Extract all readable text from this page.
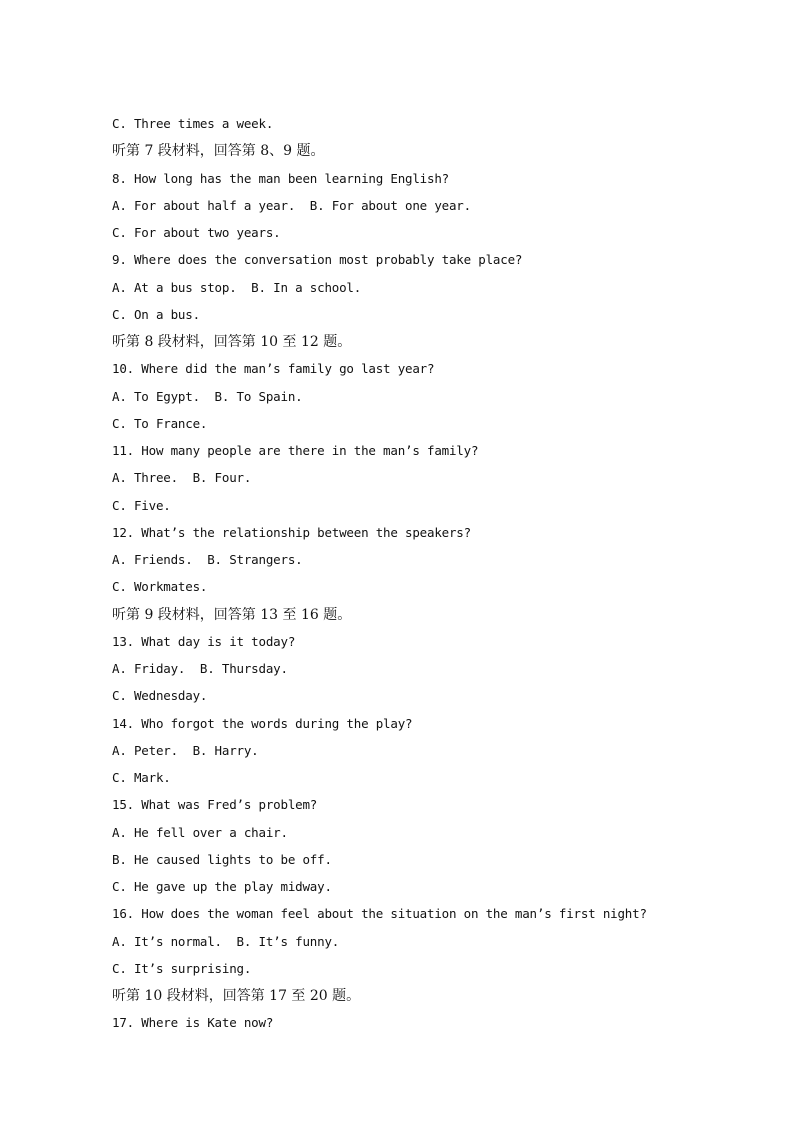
C. Three times a week.
听第 7 段材料，回答第 8、9 题。
8. How long has the man been learning English?
A. For about half a year.  B. For about one year.
C. For about two years.
9. Where does the conversation most probably take place?
A. At a bus stop.  B. In a school.
C. On a bus.
听第 8 段材料，回答第 10 至 12 题。
10. Where did the man’s family go last year?
A. To Egypt.  B. To Spain.
C. To France.
11. How many people are there in the man’s family?
A. Three.  B. Four.
C. Five.
12. What’s the relationship between the speakers?
A. Friends.  B. Strangers.
C. Workmates.
听第 9 段材料，回答第 13 至 16 题。
13. What day is it today?
A. Friday.  B. Thursday.
C. Wednesday.
14. Who forgot the words during the play?
A. Peter.  B. Harry.
C. Mark.
15. What was Fred’s problem?
A. He fell over a chair.
B. He caused lights to be off.
C. He gave up the play midway.
16. How does the woman feel about the situation on the man’s first night?
A. It’s normal.  B. It’s funny.
C. It’s surprising.
听第 10 段材料，回答第 17 至 20 题。
17. Where is Kate now?
